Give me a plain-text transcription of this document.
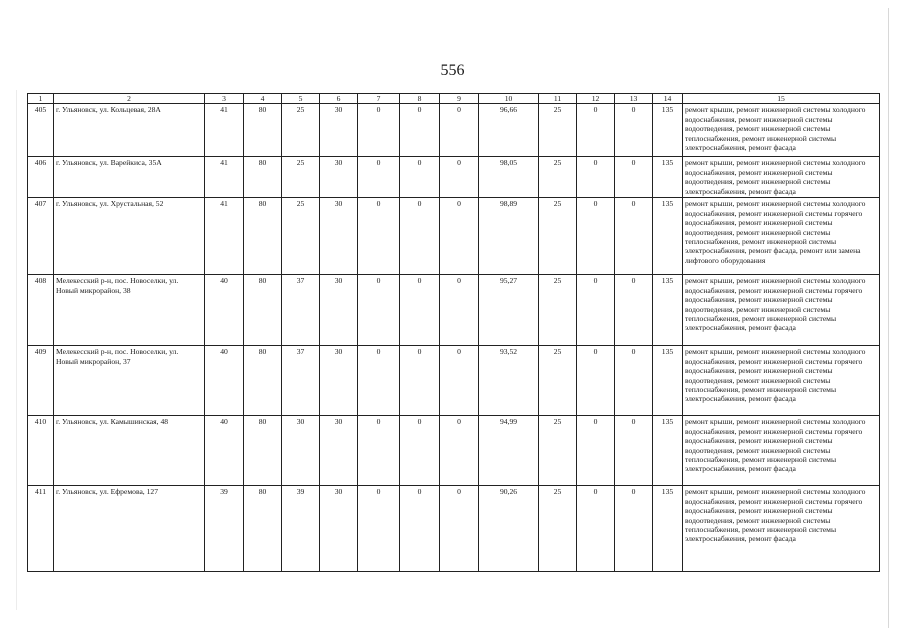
556
1	2	3	4	5	6	7	8	9	10	11	12	13	14	15
405	г. Ульяновск, ул. Кольцевая, 28А	41	80	25	30	0	0	0	96,66	25	0	0	135	ремонт крыши, ремонт инженерной системы холодного водоснабжения, ремонт инженерной системы водоотведения, ремонт инженерной системы теплоснабжения, ремонт инженерной системы электроснабжения, ремонт фасада
406	г. Ульяновск, ул. Варейкиса, 35А	41	80	25	30	0	0	0	98,05	25	0	0	135	ремонт крыши, ремонт инженерной системы холодного водоснабжения, ремонт инженерной системы водоотведения, ремонт инженерной системы электроснабжения, ремонт фасада
407	г. Ульяновск, ул. Хрустальная, 52	41	80	25	30	0	0	0	98,89	25	0	0	135	ремонт крыши, ремонт инженерной системы холодного водоснабжения, ремонт инженерной системы горячего водоснабжения, ремонт инженерной системы водоотведения, ремонт инженерной системы теплоснабжения, ремонт инженерной системы электроснабжения, ремонт фасада, ремонт или замена лифтового оборудования
408	Мелекесский р-н, пос. Новоселки, ул. Новый микрорайон, 38	40	80	37	30	0	0	0	95,27	25	0	0	135	ремонт крыши, ремонт инженерной системы холодного водоснабжения, ремонт инженерной системы горячего водоснабжения, ремонт инженерной системы водоотведения, ремонт инженерной системы теплоснабжения, ремонт инженерной системы электроснабжения, ремонт фасада
409	Мелекесский р-н, пос. Новоселки, ул. Новый микрорайон, 37	40	80	37	30	0	0	0	93,52	25	0	0	135	ремонт крыши, ремонт инженерной системы холодного водоснабжения, ремонт инженерной системы горячего водоснабжения, ремонт инженерной системы водоотведения, ремонт инженерной системы теплоснабжения, ремонт инженерной системы электроснабжения, ремонт фасада
410	г. Ульяновск, ул. Камышинская, 48	40	80	30	30	0	0	0	94,99	25	0	0	135	ремонт крыши, ремонт инженерной системы холодного водоснабжения, ремонт инженерной системы горячего водоснабжения, ремонт инженерной системы водоотведения, ремонт инженерной системы теплоснабжения, ремонт инженерной системы электроснабжения, ремонт фасада
411	г. Ульяновск, ул. Ефремова, 127	39	80	39	30	0	0	0	90,26	25	0	0	135	ремонт крыши, ремонт инженерной системы холодного водоснабжения, ремонт инженерной системы горячего водоснабжения, ремонт инженерной системы водоотведения, ремонт инженерной системы теплоснабжения, ремонт инженерной системы электроснабжения, ремонт фасада
